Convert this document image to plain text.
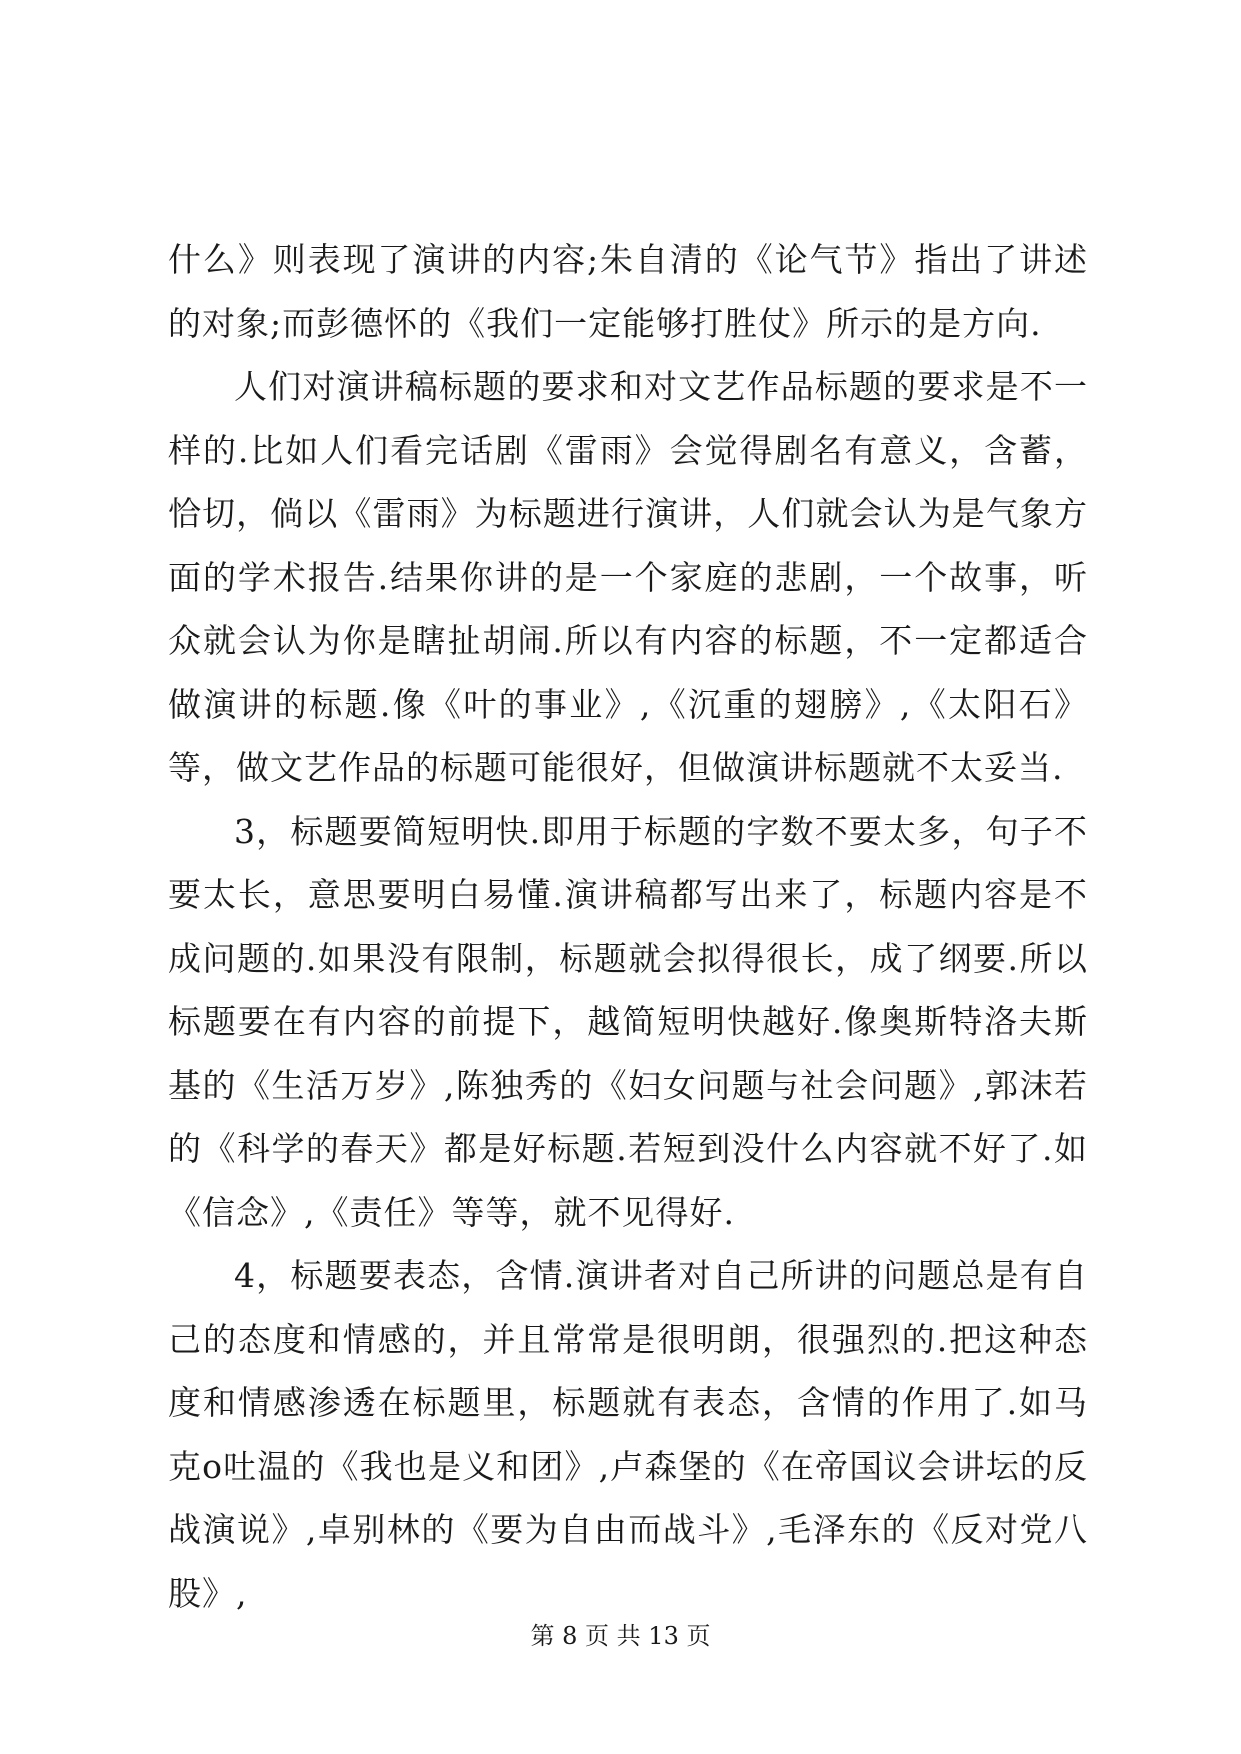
什么》则表现了演讲的内容;朱自清的《论气节》指出了讲述的对象;而彭德怀的《我们一定能够打胜仗》所示的是方向.

人们对演讲稿标题的要求和对文艺作品标题的要求是不一样的.比如人们看完话剧《雷雨》会觉得剧名有意义，含蓄，恰切，倘以《雷雨》为标题进行演讲，人们就会认为是气象方面的学术报告.结果你讲的是一个家庭的悲剧，一个故事，听众就会认为你是瞎扯胡闹.所以有内容的标题，不一定都适合做演讲的标题.像《叶的事业》,《沉重的翅膀》,《太阳石》等，做文艺作品的标题可能很好，但做演讲标题就不太妥当.

3，标题要简短明快.即用于标题的字数不要太多，句子不要太长，意思要明白易懂.演讲稿都写出来了，标题内容是不成问题的.如果没有限制，标题就会拟得很长，成了纲要.所以标题要在有内容的前提下，越简短明快越好.像奥斯特洛夫斯基的《生活万岁》,陈独秀的《妇女问题与社会问题》,郭沫若的《科学的春天》都是好标题.若短到没什么内容就不好了.如《信念》,《责任》等等，就不见得好.

4，标题要表态，含情.演讲者对自己所讲的问题总是有自己的态度和情感的，并且常常是很明朗，很强烈的.把这种态度和情感渗透在标题里，标题就有表态，含情的作用了.如马克o吐温的《我也是义和团》,卢森堡的《在帝国议会讲坛的反战演说》,卓别林的《要为自由而战斗》,毛泽东的《反对党八股》,

第 8 页 共 13 页
